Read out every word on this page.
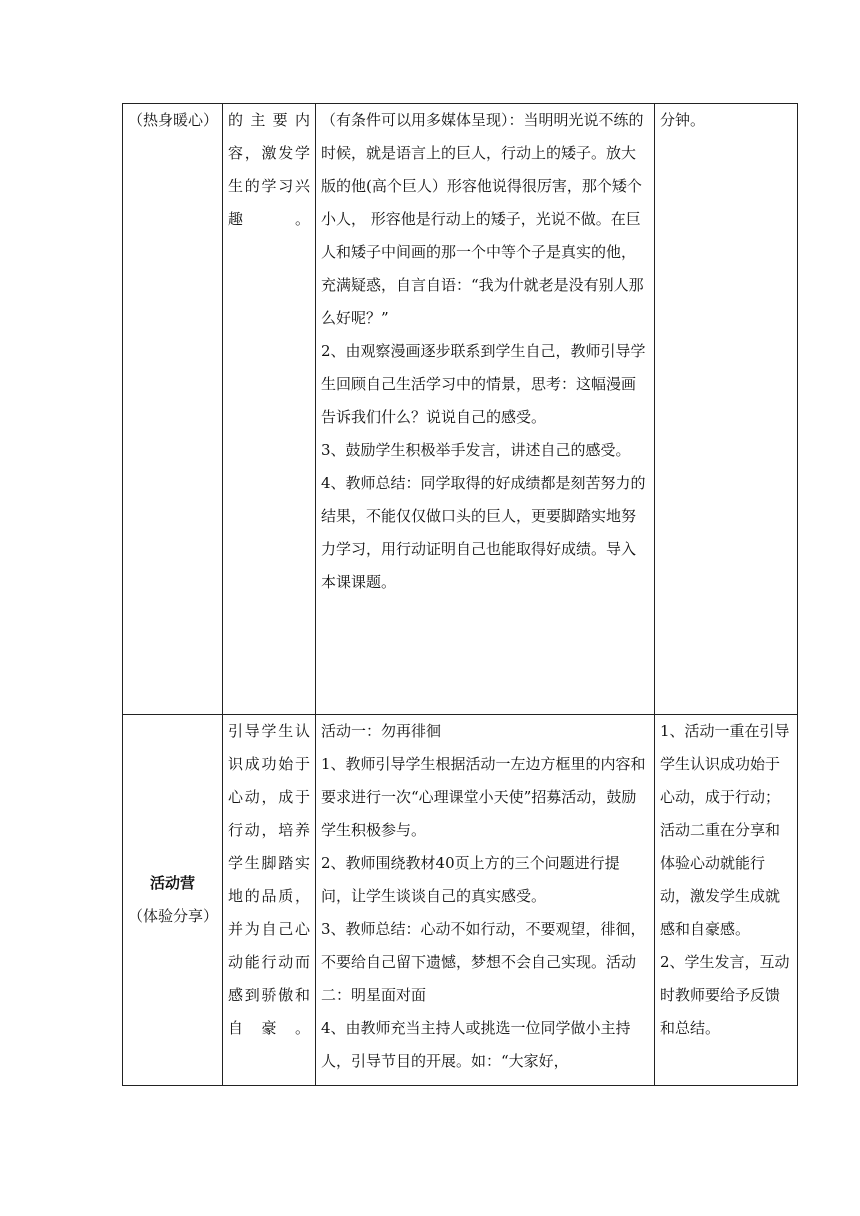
（热身暖心）	的主要内容，激发学生的学习兴趣。	（有条件可以用多媒体呈现）：当明明光说不练的时候，就是语言上的巨人，行动上的矮子。放大版的他(高个巨人）形容他说得很厉害，那个矮个小人， 形容他是行动上的矮子，光说不做。在巨人和矮子中间画的那一个中等个子是真实的他，充满疑惑，自言自语：“我为什就老是没有别人那么好呢？”
2、由观察漫画逐步联系到学生自己，教师引导学生回顾自己生活学习中的情景，思考：这幅漫画告诉我们什么？说说自己的感受。
3、鼓励学生积极举手发言，讲述自己的感受。
4、教师总结：同学取得的好成绩都是刻苦努力的结果，不能仅仅做口头的巨人，更要脚踏实地努力学习，用行动证明自己也能取得好成绩。导入本课课题。	分钟。

活动营
（体验分享）	引导学生认识成功始于心动，成于行动，培养学生脚踏实地的品质，并为自己心动能行动而感到骄傲和自豪。	活动一：勿再徘徊
1、教师引导学生根据活动一左边方框里的内容和要求进行一次“心理课堂小天使”招募活动，鼓励学生积极参与。
2、教师围绕教材40页上方的三个问题进行提问，让学生谈谈自己的真实感受。
3、教师总结：心动不如行动，不要观望，徘徊，不要给自己留下遗憾，梦想不会自己实现。活动二：明星面对面
4、由教师充当主持人或挑选一位同学做小主持人，引导节目的开展。如：“大家好，	1、活动一重在引导学生认识成功始于心动，成于行动；活动二重在分享和体验心动就能行动，激发学生成就感和自豪感。
2、学生发言，互动时教师要给予反馈和总结。
